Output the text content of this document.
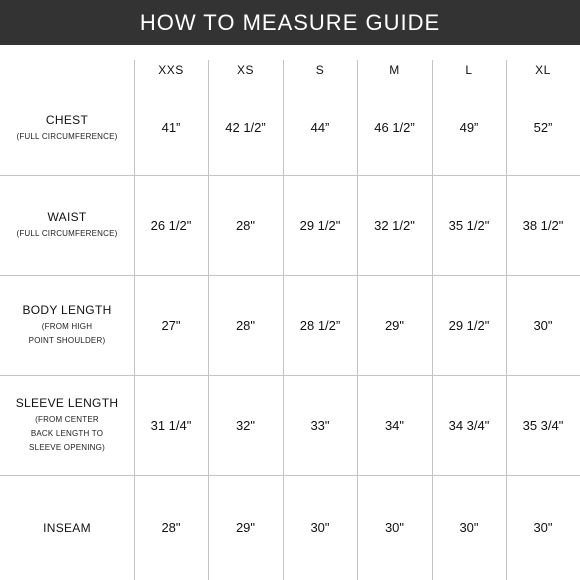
HOW TO MEASURE GUIDE
XXS	XS	S	M	L	XL
CHEST
(FULL CIRCUMFERENCE)
41”	42 1/2”	44”	46 1/2”	49”	52”
WAIST
(FULL CIRCUMFERENCE)
26 1/2"	28"	29 1/2"	32 1/2"	35 1/2"	38 1/2"
BODY LENGTH
(FROM HIGH
POINT SHOULDER)
27"	28"	28 1/2”	29"	29 1/2"	30"
SLEEVE LENGTH
(FROM CENTER
BACK LENGTH TO
SLEEVE OPENING)
31 1/4"	32"	33"	34"	34 3/4"	35 3/4"
INSEAM	28"	29"	30"	30"	30"	30"
